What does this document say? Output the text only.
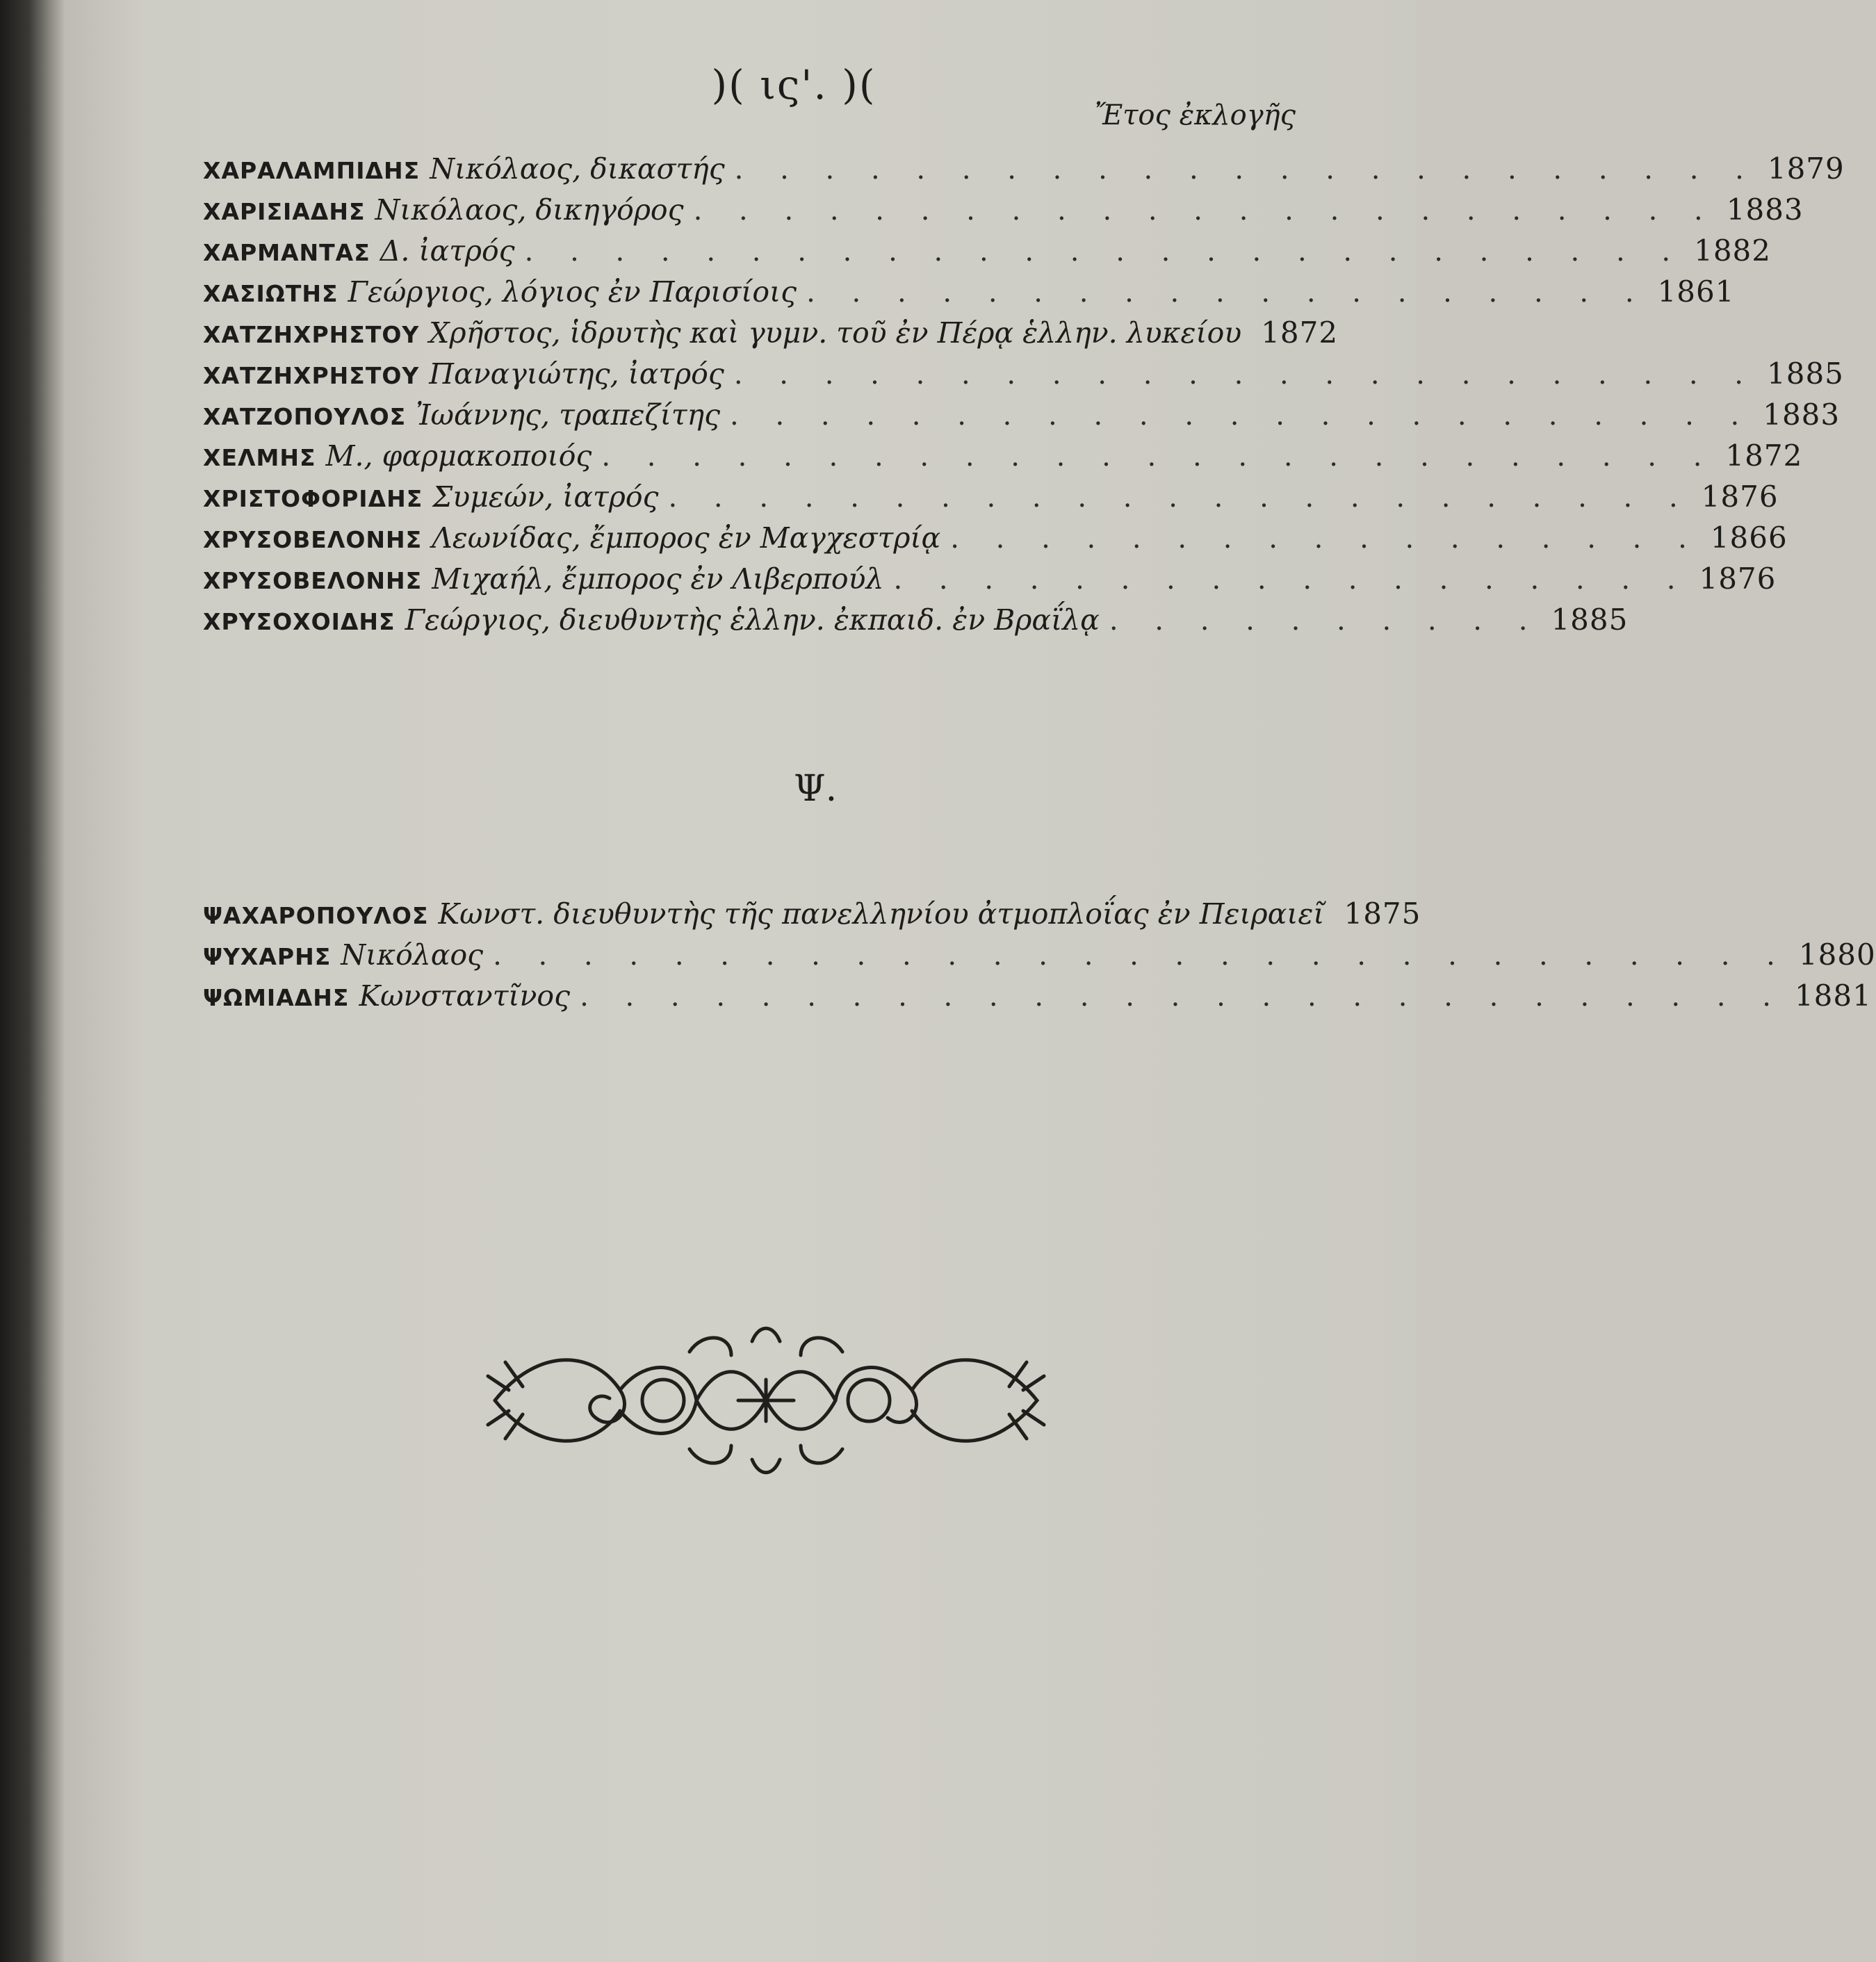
)( ις'. )(
Ἔτος ἐκλογῆς
ΧΑΡΑΛΑΜΠΙΔΗΣ Νικόλαος, δικαστής . . . . . . . . . . . . . . . . . . . . . . . 1879
ΧΑΡΙΣΙΑΔΗΣ Νικόλαος, δικηγόρος . . . . . . . . . . . . . . . . . . . . . . . 1883
ΧΑΡΜΑΝΤΑΣ Δ. ἰατρός . . . . . . . . . . . . . . . . . . . . . . . . . . 1882
ΧΑΣΙΩΤΗΣ Γεώργιος, λόγιος ἐν Παρισίοις . . . . . . . . . . . . . . . . . . . 1861
ΧΑΤΖΗΧΡΗΣΤΟΥ Χρῆστος, ἱδρυτὴς καὶ γυμν. τοῦ ἐν Πέρᾳ ἑλλην. λυκείου 1872
ΧΑΤΖΗΧΡΗΣΤΟΥ Παναγιώτης, ἰατρός . . . . . . . . . . . . . . . . . . . . . . . 1885
ΧΑΤΖΟΠΟΥΛΟΣ Ἰωάννης, τραπεζίτης . . . . . . . . . . . . . . . . . . . . . . . 1883
ΧΕΛΜΗΣ Μ., φαρμακοποιός . . . . . . . . . . . . . . . . . . . . . . . . . 1872
ΧΡΙΣΤΟΦΟΡΙΔΗΣ Συμεών, ἰατρός . . . . . . . . . . . . . . . . . . . . . . . 1876
ΧΡΥΣΟΒΕΛΟΝΗΣ Λεωνίδας, ἔμπορος ἐν Μαγχεστρίᾳ . . . . . . . . . . . . . . . . . 1866
ΧΡΥΣΟΒΕΛΟΝΗΣ Μιχαήλ, ἔμπορος ἐν Λιβερπούλ . . . . . . . . . . . . . . . . . . 1876
ΧΡΥΣΟΧΟΙΔΗΣ Γεώργιος, διευθυντὴς ἑλλην. ἐκπαιδ. ἐν Βραΐλᾳ . . . . . . . . . . 1885
Ψ.
ΨΑΧΑΡΟΠΟΥΛΟΣ Κωνστ. διευθυντὴς τῆς πανελληνίου ἀτμοπλοΐας ἐν Πειραιεῖ 1875
ΨΥΧΑΡΗΣ Νικόλαος . . . . . . . . . . . . . . . . . . . . . . . . . . . . . 1880
ΨΩΜΙΑΔΗΣ Κωνσταντῖνος . . . . . . . . . . . . . . . . . . . . . . . . . . . 1881
